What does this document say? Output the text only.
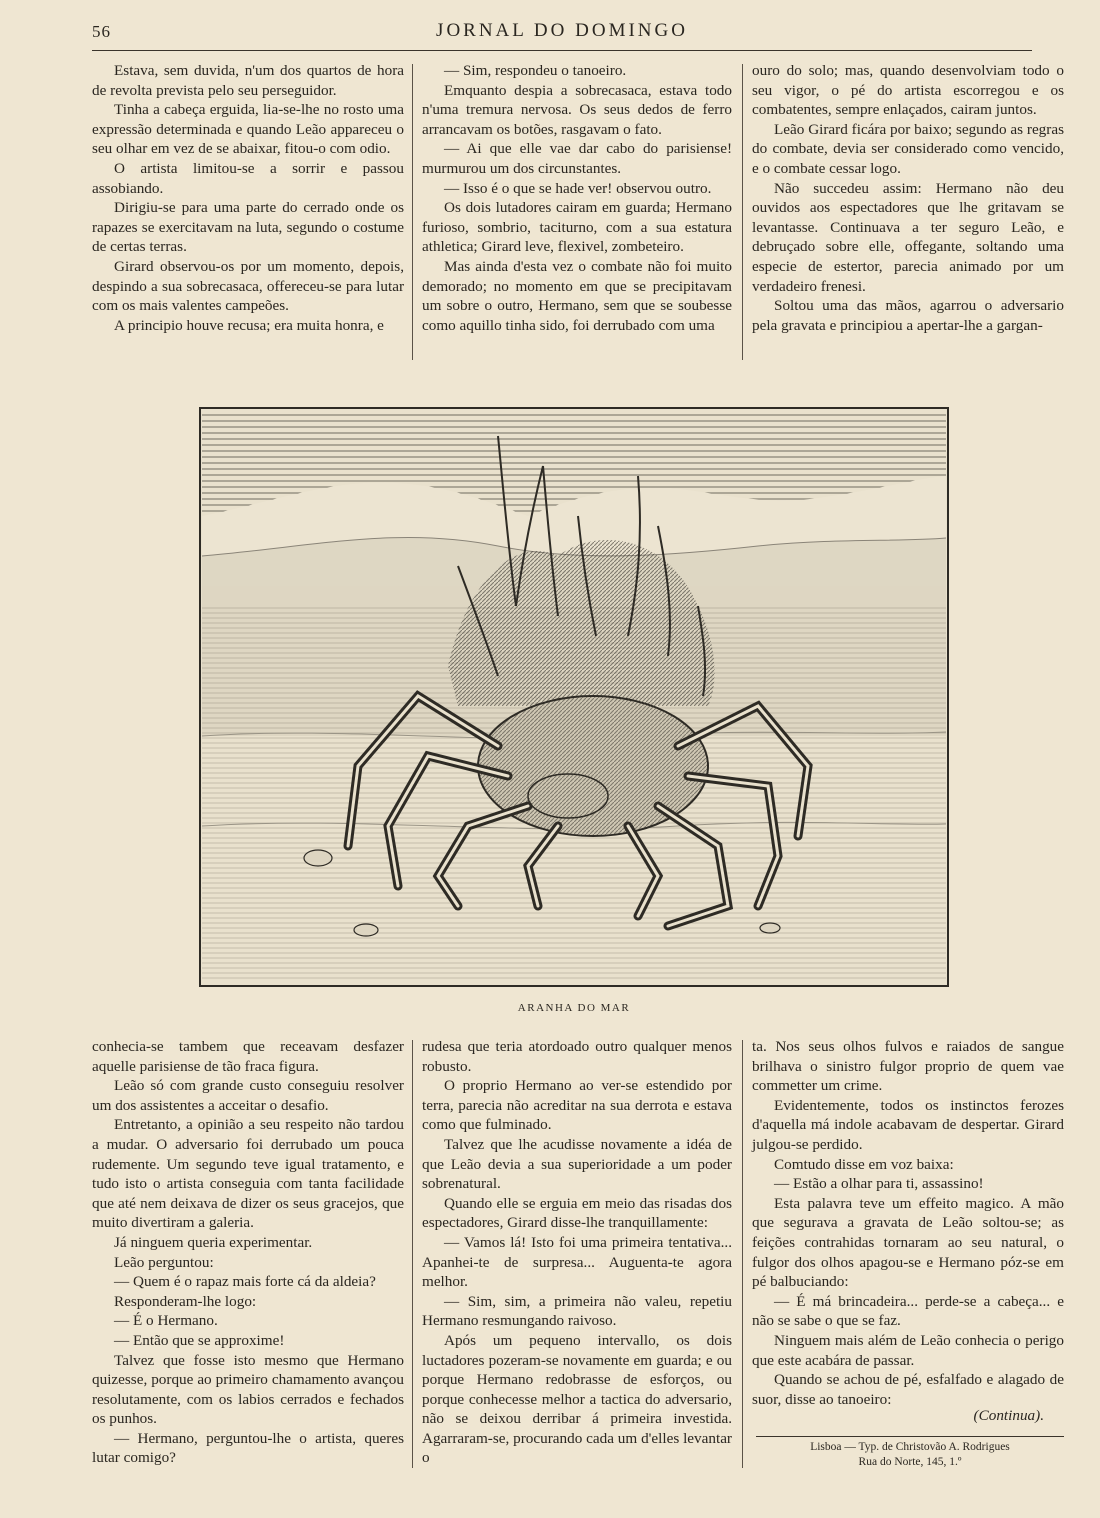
56	JORNAL DO DOMINGO

Estava, sem duvida, n'um dos quartos de hora de revolta prevista pelo seu perseguidor.

Tinha a cabeça erguida, lia-se-lhe no rosto uma expressão determinada e quando Leão appareceu o seu olhar em vez de se abaixar, fitou-o com odio.

O artista limitou-se a sorrir e passou assobiando.

Dirigiu-se para uma parte do cerrado onde os rapazes se exercitavam na luta, segundo o costume de certas terras.

Girard observou-os por um momento, depois, despindo a sua sobrecasaca, offereceu-se para lutar com os mais valentes campeões.

A principio houve recusa; era muita honra, e

— Sim, respondeu o tanoeiro.

Emquanto despia a sobrecasaca, estava todo n'uma tremura nervosa. Os seus dedos de ferro arrancavam os botões, rasgavam o fato.

— Ai que elle vae dar cabo do parisiense! murmurou um dos circunstantes.

— Isso é o que se hade ver! observou outro.

Os dois lutadores cairam em guarda; Hermano furioso, sombrio, taciturno, com a sua estatura athletica; Girard leve, flexivel, zombeteiro.

Mas ainda d'esta vez o combate não foi muito demorado; no momento em que se precipitavam um sobre o outro, Hermano, sem que se soubesse como aquillo tinha sido, foi derrubado com uma

ouro do solo; mas, quando desenvolviam todo o seu vigor, o pé do artista escorregou e os combatentes, sempre enlaçados, cairam juntos.

Leão Girard ficára por baixo; segundo as regras do combate, devia ser considerado como vencido, e o combate cessar logo.

Não succedeu assim: Hermano não deu ouvidos aos espectadores que lhe gritavam se levantasse. Continuava a ter seguro Leão, e debruçado sobre elle, offegante, soltando uma especie de estertor, parecia animado por um verdadeiro frenesi.

Soltou uma das mãos, agarrou o adversario pela gravata e principiou a apertar-lhe a gargan-

ARANHA DO MAR

conhecia-se tambem que receavam desfazer aquelle parisiense de tão fraca figura.

Leão só com grande custo conseguiu resolver um dos assistentes a acceitar o desafio.

Entretanto, a opinião a seu respeito não tardou a mudar. O adversario foi derrubado um pouca rudemente. Um segundo teve igual tratamento, e tudo isto o artista conseguia com tanta facilidade que até nem deixava de dizer os seus gracejos, que muito divertiram a galeria.

Já ninguem queria experimentar.

Leão perguntou:

— Quem é o rapaz mais forte cá da aldeia?

Responderam-lhe logo:

— É o Hermano.

— Então que se approxime!

Talvez que fosse isto mesmo que Hermano quizesse, porque ao primeiro chamamento avançou resolutamente, com os labios cerrados e fechados os punhos.

— Hermano, perguntou-lhe o artista, queres lutar comigo?

rudesa que teria atordoado outro qualquer menos robusto.

O proprio Hermano ao ver-se estendido por terra, parecia não acreditar na sua derrota e estava como que fulminado.

Talvez que lhe acudisse novamente a idéa de que Leão devia a sua superioridade a um poder sobrenatural.

Quando elle se erguia em meio das risadas dos espectadores, Girard disse-lhe tranquillamente:

— Vamos lá! Isto foi uma primeira tentativa... Apanhei-te de surpresa... Auguenta-te agora melhor.

— Sim, sim, a primeira não valeu, repetiu Hermano resmungando raivoso.

Após um pequeno intervallo, os dois luctadores pozeram-se novamente em guarda; e ou porque Hermano redobrasse de esforços, ou porque conhecesse melhor a tactica do adversario, não se deixou derribar á primeira investida. Agarraram-se, procurando cada um d'elles levantar o

ta. Nos seus olhos fulvos e raiados de sangue brilhava o sinistro fulgor proprio de quem vae commetter um crime.

Evidentemente, todos os instinctos ferozes d'aquella má indole acabavam de despertar. Girard julgou-se perdido.

Comtudo disse em voz baixa:

— Estão a olhar para ti, assassino!

Esta palavra teve um effeito magico. A mão que segurava a gravata de Leão soltou-se; as feições contrahidas tornaram ao seu natural, o fulgor dos olhos apagou-se e Hermano póz-se em pé balbuciando:

— É má brincadeira... perde-se a cabeça... e não se sabe o que se faz.

Ninguem mais além de Leão conhecia o perigo que este acabára de passar.

Quando se achou de pé, esfalfado e alagado de suor, disse ao tanoeiro:

(Continua).

Lisboa — Typ. de Christovão A. Rodrigues
Rua do Norte, 145, 1.º
